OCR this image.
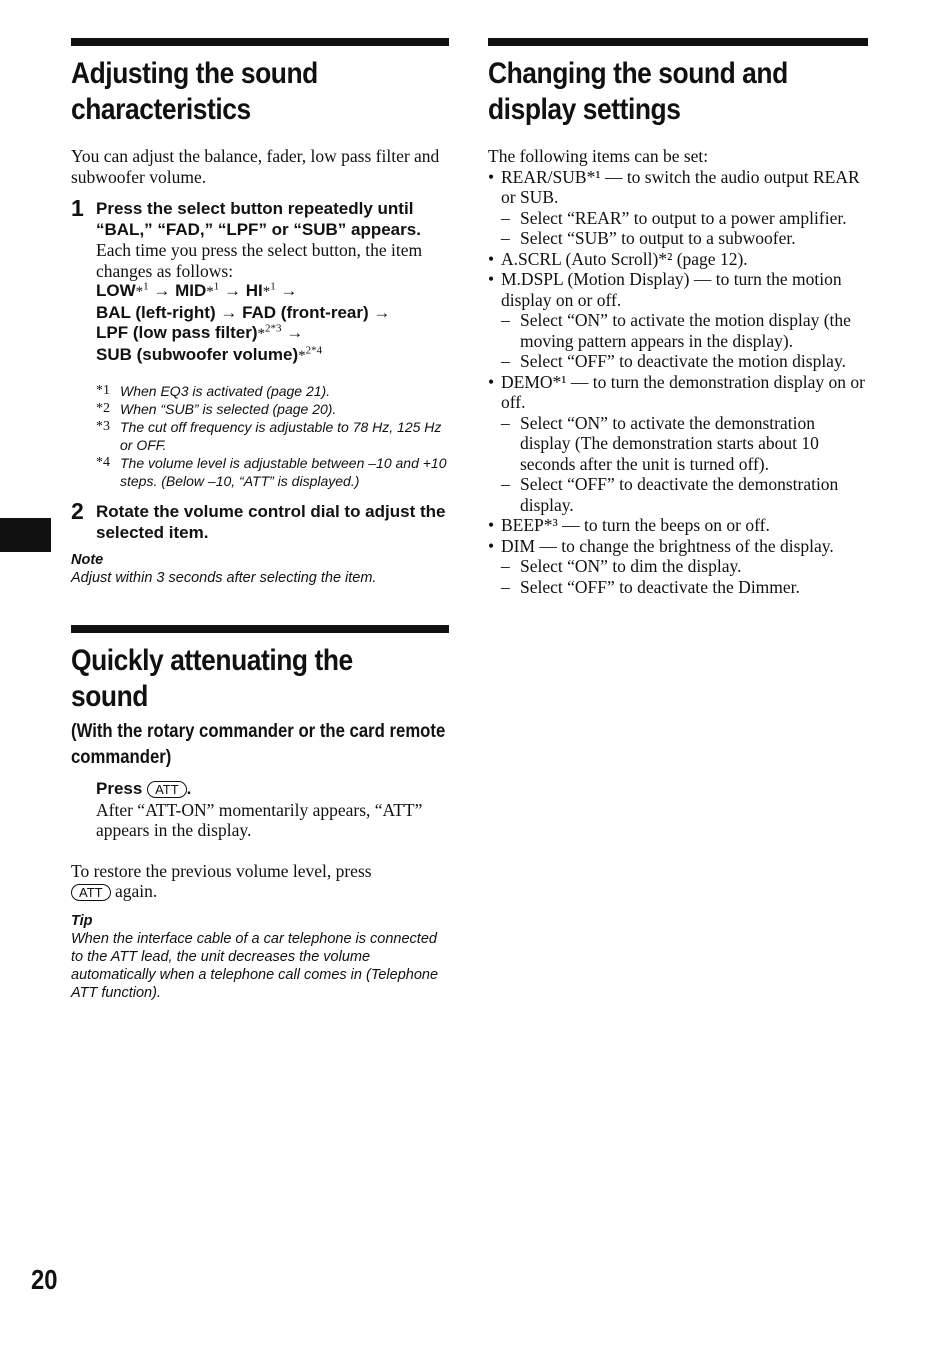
Adjusting the sound
characteristics
You can adjust the balance, fader, low pass filter and subwoofer volume.
1 Press the select button repeatedly until “BAL,” “FAD,” “LPF” or “SUB” appears.
Each time you press the select button, the item changes as follows:
LOW*$^1$ → MID*$^1$ → HI*$^1$ →
BAL (left-right) → FAD (front-rear) →
LPF (low pass filter)*$^{2*3}$ →
SUB (subwoofer volume)*$^{2*4}$
*1 When EQ3 is activated (page 21).
*2 When “SUB” is selected (page 20).
*3 The cut off frequency is adjustable to 78 Hz, 125 Hz or OFF.
*4 The volume level is adjustable between –10 and +10 steps. (Below –10, “ATT” is displayed.)
2 Rotate the volume control dial to adjust the selected item.
Note
Adjust within 3 seconds after selecting the item.
Quickly attenuating the
sound
(With the rotary commander or the card remote commander)
Press ATT .
After “ATT-ON” momentarily appears, “ATT” appears in the display.
To restore the previous volume level, press
ATT again.
Tip
When the interface cable of a car telephone is connected to the ATT lead, the unit decreases the volume automatically when a telephone call comes in (Telephone ATT function).
Changing the sound and
display settings
The following items can be set:
• REAR/SUB*¹ — to switch the audio output REAR or SUB.
– Select “REAR” to output to a power amplifier.
– Select “SUB” to output to a subwoofer.
• A.SCRL (Auto Scroll)*² (page 12).
• M.DSPL (Motion Display) — to turn the motion display on or off.
– Select “ON” to activate the motion display (the moving pattern appears in the display).
– Select “OFF” to deactivate the motion display.
• DEMO*¹ — to turn the demonstration display on or off.
– Select “ON” to activate the demonstration display (The demonstration starts about 10 seconds after the unit is turned off).
– Select “OFF” to deactivate the demonstration display.
• BEEP*³ — to turn the beeps on or off.
• DIM — to change the brightness of the display.
– Select “ON” to dim the display.
– Select “OFF” to deactivate the Dimmer.
20
